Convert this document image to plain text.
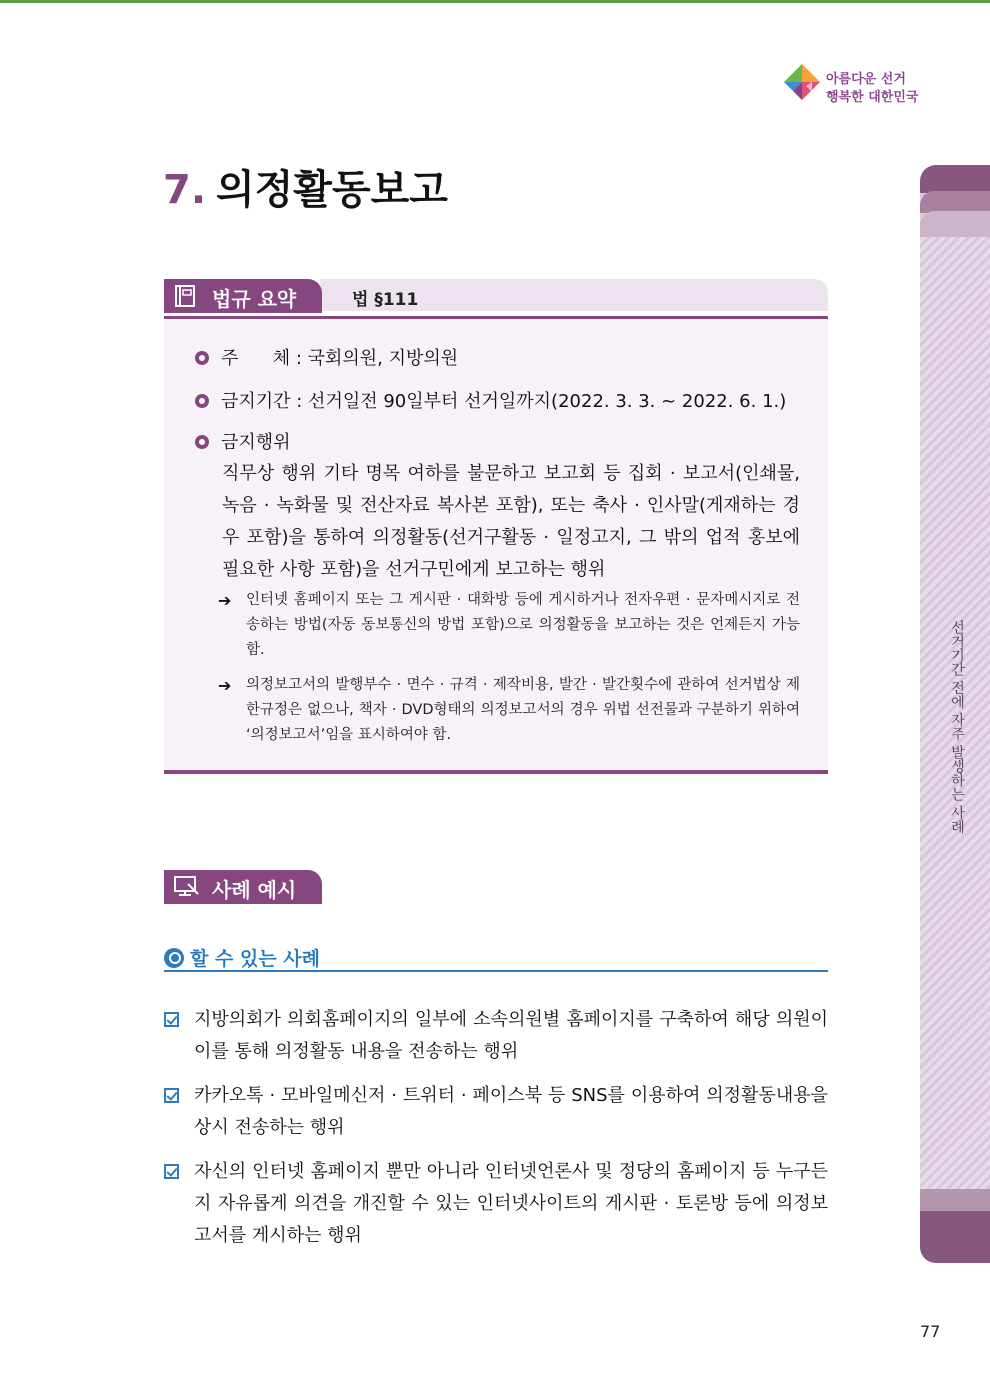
아름다운 선거
행복한 대한민국
선거기간 전에 자주 발생하는 사례
7. 의정활동보고
법규 요약	법 §111
주      체 : 국회의원, 지방의원
금지기간 : 선거일전 90일부터 선거일까지(2022. 3. 3. ~ 2022. 6. 1.)
금지행위
직무상 행위 기타 명목 여하를 불문하고 보고회 등 집회 · 보고서(인쇄물, 녹음 · 녹화물 및 전산자료 복사본 포함), 또는 축사 · 인사말(게재하는 경우 포함)을 통하여 의정활동(선거구활동 · 일정고지, 그 밖의 업적 홍보에 필요한 사항 포함)을 선거구민에게 보고하는 행위
➔	인터넷 홈페이지 또는 그 게시판 · 대화방 등에 게시하거나 전자우편 · 문자메시지로 전송하는 방법(자동 동보통신의 방법 포함)으로 의정활동을 보고하는 것은 언제든지 가능함.
➔	의정보고서의 발행부수 · 면수 · 규격 · 제작비용, 발간 · 발간횟수에 관하여 선거법상 제한규정은 없으나, 책자 · DVD형태의 의정보고서의 경우 위법 선전물과 구분하기 위하여 ‘의정보고서’임을 표시하여야 함.
사례 예시
할 수 있는 사례
지방의회가 의회홈페이지의 일부에 소속의원별 홈페이지를 구축하여 해당 의원이 이를 통해 의정활동 내용을 전송하는 행위
카카오톡 · 모바일메신저 · 트위터 · 페이스북 등 SNS를 이용하여 의정활동내용을 상시 전송하는 행위
자신의 인터넷 홈페이지 뿐만 아니라 인터넷언론사 및 정당의 홈페이지 등 누구든지 자유롭게 의견을 개진할 수 있는 인터넷사이트의 게시판 · 토론방 등에 의정보고서를 게시하는 행위
77
